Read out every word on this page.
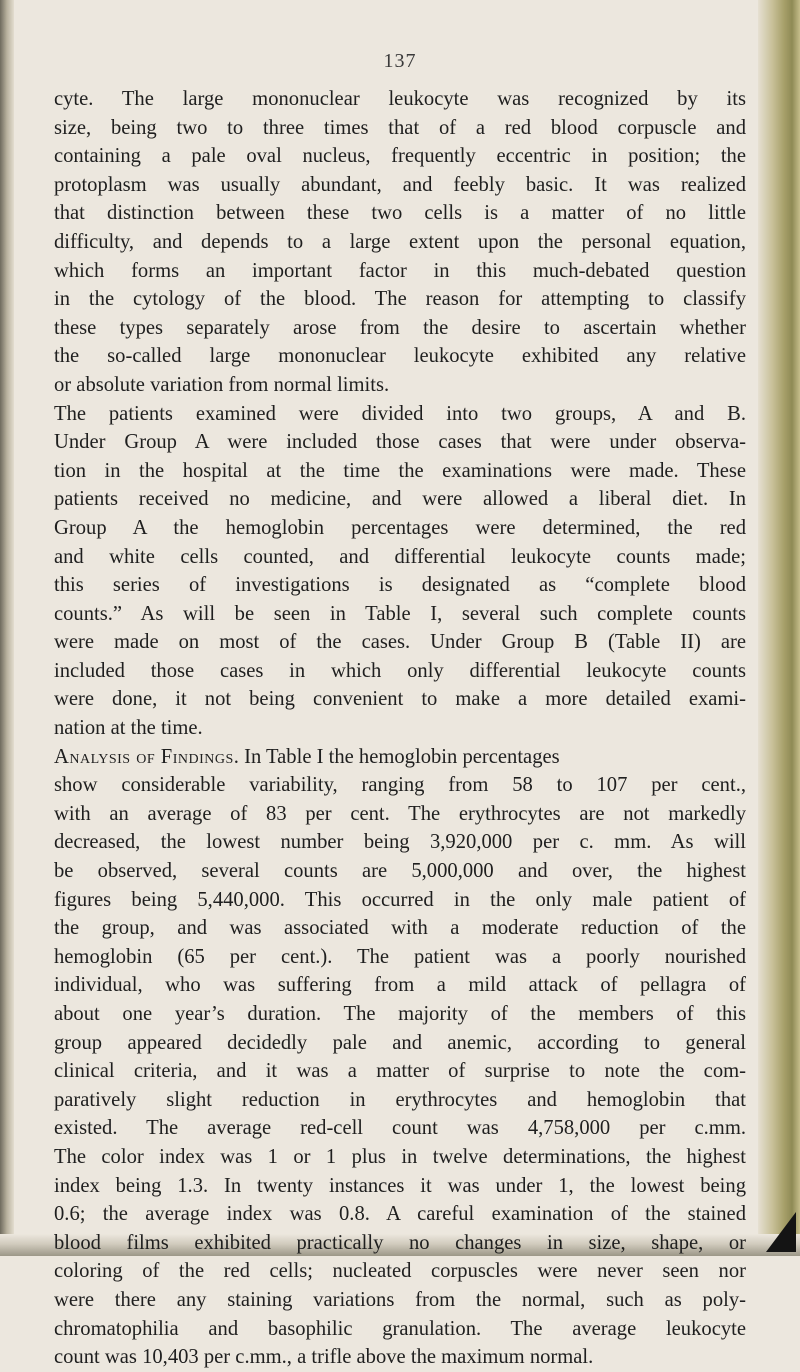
137
cyte. The large mononuclear leukocyte was recognized by its
size, being two to three times that of a red blood corpuscle and
containing a pale oval nucleus, frequently eccentric in position; the
protoplasm was usually abundant, and feebly basic. It was realized
that distinction between these two cells is a matter of no little
difficulty, and depends to a large extent upon the personal equation,
which forms an important factor in this much-debated question
in the cytology of the blood. The reason for attempting to classify
these types separately arose from the desire to ascertain whether
the so-called large mononuclear leukocyte exhibited any relative
or absolute variation from normal limits.
The patients examined were divided into two groups, A and B.
Under Group A were included those cases that were under observa-
tion in the hospital at the time the examinations were made. These
patients received no medicine, and were allowed a liberal diet. In
Group A the hemoglobin percentages were determined, the red
and white cells counted, and differential leukocyte counts made;
this series of investigations is designated as “complete blood
counts.” As will be seen in Table I, several such complete counts
were made on most of the cases. Under Group B (Table II) are
included those cases in which only differential leukocyte counts
were done, it not being convenient to make a more detailed exami-
nation at the time.
Analysis of Findings. In Table I the hemoglobin percentages
show considerable variability, ranging from 58 to 107 per cent.,
with an average of 83 per cent. The erythrocytes are not markedly
decreased, the lowest number being 3,920,000 per c. mm. As will
be observed, several counts are 5,000,000 and over, the highest
figures being 5,440,000. This occurred in the only male patient of
the group, and was associated with a moderate reduction of the
hemoglobin (65 per cent.). The patient was a poorly nourished
individual, who was suffering from a mild attack of pellagra of
about one year’s duration. The majority of the members of this
group appeared decidedly pale and anemic, according to general
clinical criteria, and it was a matter of surprise to note the com-
paratively slight reduction in erythrocytes and hemoglobin that
existed. The average red-cell count was 4,758,000 per c.mm.
The color index was 1 or 1 plus in twelve determinations, the highest
index being 1.3. In twenty instances it was under 1, the lowest being
0.6; the average index was 0.8. A careful examination of the stained
blood films exhibited practically no changes in size, shape, or
coloring of the red cells; nucleated corpuscles were never seen nor
were there any staining variations from the normal, such as poly-
chromatophilia and basophilic granulation. The average leukocyte
count was 10,403 per c.mm., a trifle above the maximum normal.
